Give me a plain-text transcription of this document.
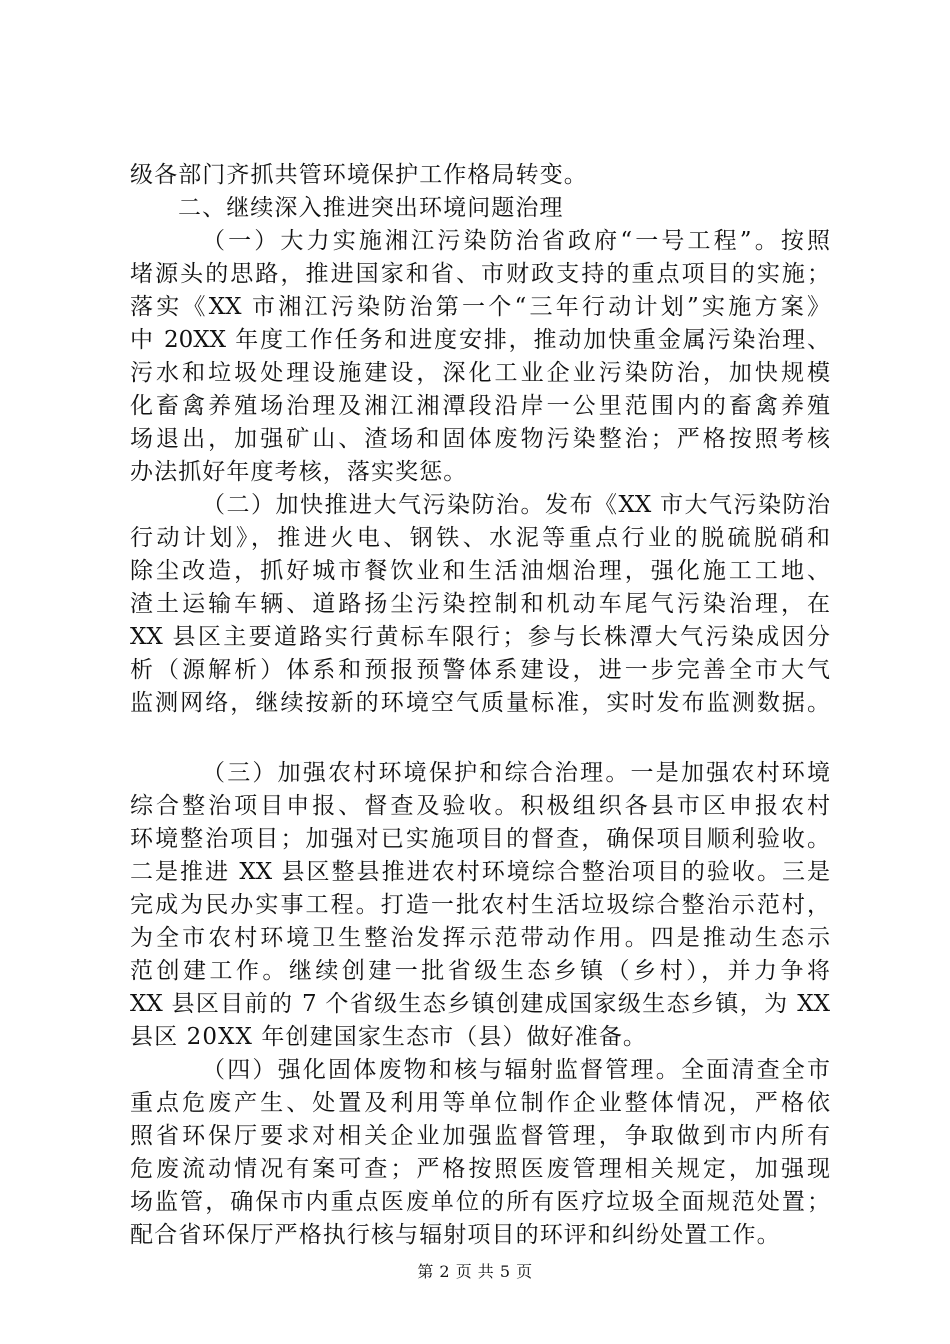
级各部门齐抓共管环境保护工作格局转变。
二、继续深入推进突出环境问题治理
（一）大力实施湘江污染防治省政府“一号工程”。按照
堵源头的思路，推进国家和省、市财政支持的重点项目的实施；
落实《XX 市湘江污染防治第一个“三年行动计划”实施方案》
中 20XX 年度工作任务和进度安排，推动加快重金属污染治理、
污水和垃圾处理设施建设，深化工业企业污染防治，加快规模
化畜禽养殖场治理及湘江湘潭段沿岸一公里范围内的畜禽养殖
场退出，加强矿山、渣场和固体废物污染整治；严格按照考核
办法抓好年度考核，落实奖惩。
（二）加快推进大气污染防治。发布《XX 市大气污染防治
行动计划》，推进火电、钢铁、水泥等重点行业的脱硫脱硝和
除尘改造，抓好城市餐饮业和生活油烟治理，强化施工工地、
渣土运输车辆、道路扬尘污染控制和机动车尾气污染治理，在
XX 县区主要道路实行黄标车限行；参与长株潭大气污染成因分
析（源解析）体系和预报预警体系建设，进一步完善全市大气
监测网络，继续按新的环境空气质量标准，实时发布监测数据。
（三）加强农村环境保护和综合治理。一是加强农村环境
综合整治项目申报、督查及验收。积极组织各县市区申报农村
环境整治项目；加强对已实施项目的督查，确保项目顺利验收。
二是推进 XX 县区整县推进农村环境综合整治项目的验收。三是
完成为民办实事工程。打造一批农村生活垃圾综合整治示范村，
为全市农村环境卫生整治发挥示范带动作用。四是推动生态示
范创建工作。继续创建一批省级生态乡镇（乡村），并力争将
XX 县区目前的 7 个省级生态乡镇创建成国家级生态乡镇，为 XX
县区 20XX 年创建国家生态市（县）做好准备。
（四）强化固体废物和核与辐射监督管理。全面清查全市
重点危废产生、处置及利用等单位制作企业整体情况，严格依
照省环保厅要求对相关企业加强监督管理，争取做到市内所有
危废流动情况有案可查；严格按照医废管理相关规定，加强现
场监管，确保市内重点医废单位的所有医疗垃圾全面规范处置；
配合省环保厅严格执行核与辐射项目的环评和纠纷处置工作。
第 2 页 共 5 页
